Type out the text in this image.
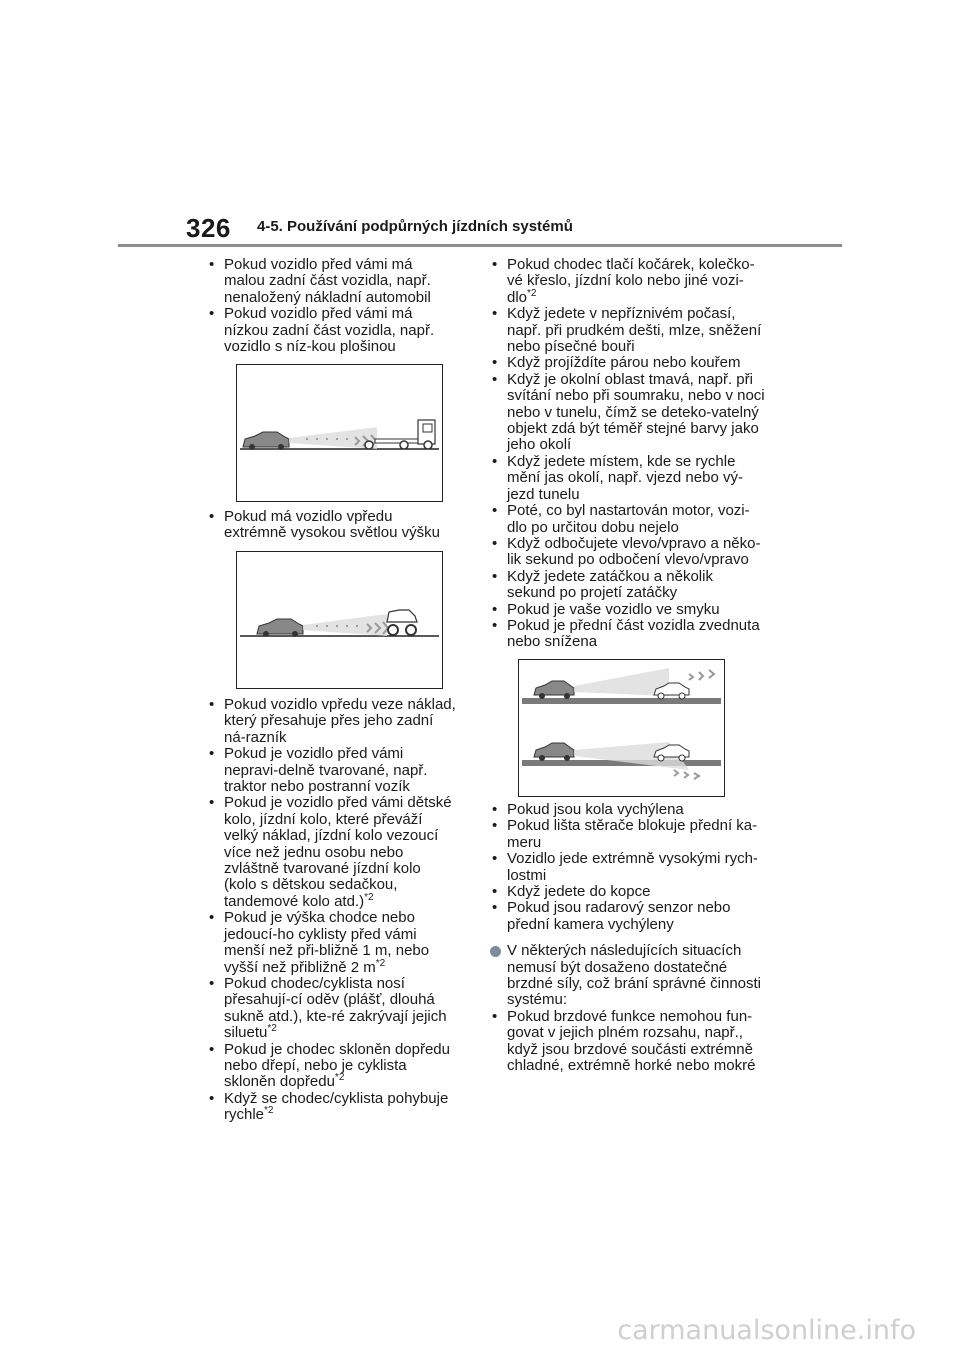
326 4-5. Používání podpůrných jízdních systémů
• Pokud vozidlo před vámi má malou zadní část vozidla, např. nenaložený nákladní automobil
• Pokud vozidlo před vámi má nízkou zadní část vozidla, např. vozidlo s níz-kou plošinou
• Pokud má vozidlo vpředu extrémně vysokou světlou výšku
• Pokud vozidlo vpředu veze náklad, který přesahuje přes jeho zadní ná-razník
• Pokud je vozidlo před vámi nepravi-delně tvarované, např. traktor nebo postranní vozík
• Pokud je vozidlo před vámi dětské kolo, jízdní kolo, které převáží velký náklad, jízdní kolo vezoucí více než jednu osobu nebo zvláštně tvarované jízdní kolo (kolo s dětskou sedačkou, tandemové kolo atd.)$^{*2}$
• Pokud je výška chodce nebo jedoucí-ho cyklisty před vámi menší než při-bližně 1 m, nebo vyšší než přibližně 2 $m^{*2}$
• Pokud chodec/cyklista nosí přesahují-cí oděv (plášť, dlouhá sukně atd.), kte-ré zakrývají jejich siluetu$^{*2}$
• Pokud je chodec skloněn dopředu nebo dřepí, nebo je cyklista skloněn dopředu$^{*2}$
• Když se chodec/cyklista pohybuje rychle$^{*2}$
• Pokud chodec tlačí kočárek, kolečko-vé křeslo, jízdní kolo nebo jiné vozi-dlo$^{*2}$
• Když jedete v nepříznivém počasí, např. při prudkém dešti, mlze, sněžení nebo písečné bouři
• Když projíždíte párou nebo kouřem
• Když je okolní oblast tmavá, např. při svítání nebo při soumraku, nebo v noci nebo v tunelu, čímž se deteko-vatelný objekt zdá být téměř stejné barvy jako jeho okolí
• Když jedete místem, kde se rychle mění jas okolí, např. vjezd nebo vý-jezd tunelu
• Poté, co byl nastartován motor, vozi-dlo po určitou dobu nejelo
• Když odbočujete vlevo/vpravo a něko-lik sekund po odbočení vlevo/vpravo
• Když jedete zatáčkou a několik sekund po projetí zatáčky
• Pokud je vaše vozidlo ve smyku
• Pokud je přední část vozidla zvednuta nebo snížena
• Pokud jsou kola vychýlena
• Pokud lišta stěrače blokuje přední ka-meru
• Vozidlo jede extrémně vysokými rych-lostmi
• Když jedete do kopce
• Pokud jsou radarový senzor nebo přední kamera vychýleny
V některých následujících situacích nemusí být dosaženo dostatečné brzdné síly, což brání správné činnosti systému:
• Pokud brzdové funkce nemohou fun-govat v jejich plném rozsahu, např., když jsou brzdové součásti extrémně chladné, extrémně horké nebo mokré
carmanualsonline.info
